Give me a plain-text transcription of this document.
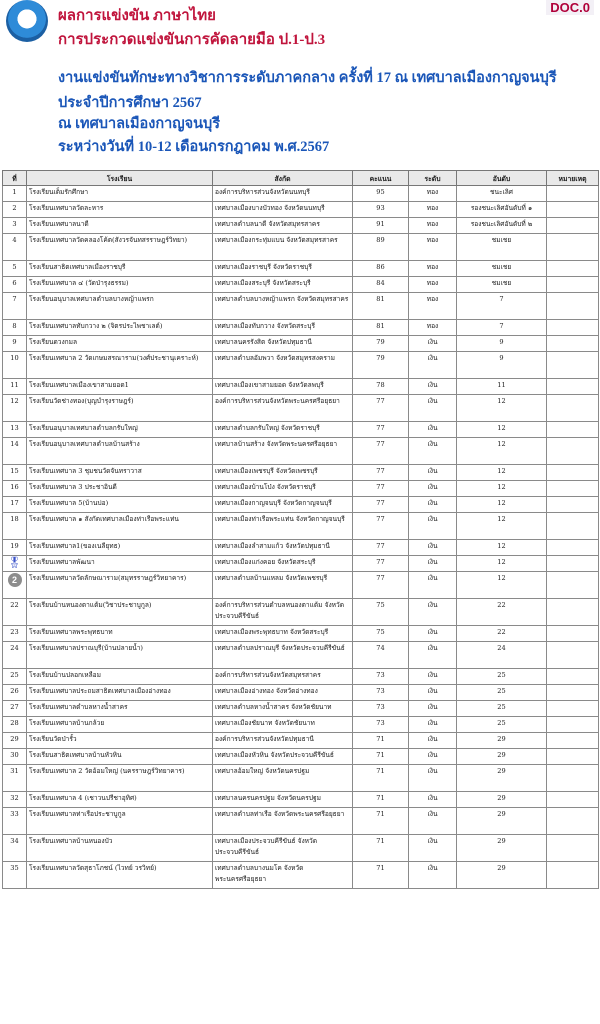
✺
DOC.0
ผลการแข่งขัน ภาษาไทย
การประกวดแข่งขันการคัดลายมือ ป.1-ป.3
งานแข่งขันทักษะทางวิชาการระดับภาคกลาง ครั้งที่ 17 ณ เทศบาลเมืองกาญจนบุรี
ประจำปีการศึกษา 2567
ณ เทศบาลเมืองกาญจนบุรี
ระหว่างวันที่ 10-12 เดือนกรกฎาคม พ.ศ.2567
ที่	โรงเรียน	สังกัด	คะแนน	ระดับ	อันดับ	หมายเหตุ
1	โรงเรียนเต็มรักศึกษา	องค์การบริหารส่วนจังหวัดนนทบุรี	95	ทอง	ชนะเลิศ	
2	โรงเรียนเทศบาลวัดละหาร	เทศบาลเมืองบางบัวทอง จังหวัดนนทบุรี	93	ทอง	รองชนะเลิศอันดับที่ ๑	
3	โรงเรียนเทศบาลนาดี	เทศบาลตำบลนาดี จังหวัดสมุทรสาคร	91	ทอง	รองชนะเลิศอันดับที่ ๒	
4	โรงเรียนเทศบาลวัดคลองโค้ต(สังวรจันทสรราษฎร์วิทยา)	เทศบาลเมืองกระทุ่มแบน จังหวัดสมุทรสาคร	89	ทอง	ชมเชย	
5	โรงเรียนสาธิตเทศบาลเมืองราชบุรี	เทศบาลเมืองราชบุรี จังหวัดราชบุรี	86	ทอง	ชมเชย	
6	โรงเรียนเทศบาล ๔ (วัดป่ารุงธรรม)	เทศบาลเมืองสระบุรี จังหวัดสระบุรี	84	ทอง	ชมเชย	
7	โรงเรียนอนุบาลเทศบาลตำบลบางหญ้าแพรก	เทศบาลตำบลบางหญ้าแพรก จังหวัดสมุทรสาคร	81	ทอง	7	
8	โรงเรียนเทศบาลทับกวาง ๒ (จิตรประไพชาเลต์)	เทศบาลเมืองทับกวาง จังหวัดสระบุรี	81	ทอง	7	
9	โรงเรียนดวงกมล	เทศบาลนครรังสิต จังหวัดปทุมธานี	79	เงิน	9	
10	โรงเรียนเทศบาล 2 วัดเกษมสรณาราม(วงศ์ประชานุเคราะห์)	เทศบาลตำบลอัมพวา จังหวัดสมุทรสงคราม	79	เงิน	9	
11	โรงเรียนเทศบาลเมืองเขาสามยอด1	เทศบาลเมืองเขาสามยอด จังหวัดลพบุรี	78	เงิน	11	
12	โรงเรียนวัดช่างทอง(บุญบำรุงราษฎร์)	องค์การบริหารส่วนจังหวัดพระนครศรีอยุธยา	77	เงิน	12	
13	โรงเรียนอนุบาลเทศบาลตำบลกรับใหญ่	เทศบาลตำบลกรับใหญ่ จังหวัดราชบุรี	77	เงิน	12	
14	โรงเรียนอนุบาลเทศบาลตำบลบ้านสร้าง	เทศบาลบ้านสร้าง จังหวัดพระนครศรีอยุธยา	77	เงิน	12	
15	โรงเรียนเทศบาล 3 ชุมชนวัดจันทราวาส	เทศบาลเมืองเพชรบุรี จังหวัดเพชรบุรี	77	เงิน	12	
16	โรงเรียนเทศบาล 3 ประชาอินดี	เทศบาลเมืองบ้านโป่ง จังหวัดราชบุรี	77	เงิน	12	
17	โรงเรียนเทศบาล 5(บ้านบ่อ)	เทศบาลเมืองกาญจนบุรี จังหวัดกาญจนบุรี	77	เงิน	12	
18	โรงเรียนเทศบาล ๑ สังกัดเทศบาลเมืองท่าเรือพระแท่น	เทศบาลเมืองท่าเรือพระแท่น จังหวัดกาญจนบุรี	77	เงิน	12	
19	โรงเรียนเทศบาล1(ของเนลียุทธ)	เทศบาลเมืองลำสามแก้ว จังหวัดปทุมธานี	77	เงิน	12	
🎖	โรงเรียนเทศบาลพัฒนา	เทศบาลเมืองแก่งคอย จังหวัดสระบุรี	77	เงิน	12	
2	โรงเรียนเทศบาลวัดลักษณาราม(สมุทรราษฎร์วิทยาคาร)	เทศบาลตำบลบ้านแหลม จังหวัดเพชรบุรี	77	เงิน	12	
22	โรงเรียนบ้านหนองตาแต้ม(วิชาประชาบูกูล)	องค์การบริหารส่วนตำบลหนองตาแต้ม จังหวัดประจวบคีรีขันธ์	75	เงิน	22	
23	โรงเรียนเทศบาลพระพุทธบาท	เทศบาลเมืองพระพุทธบาท จังหวัดสระบุรี	75	เงิน	22	
24	โรงเรียนเทศบาลปราณบุรี(บ้านปลายน้ำ)	เทศบาลตำบลปราณบุรี จังหวัดประจวบคีรีขันธ์	74	เงิน	24	
25	โรงเรียนบ้านปลอกเหลือม	องค์การบริหารส่วนจังหวัดสมุทรสาคร	73	เงิน	25	
26	โรงเรียนเทศบาลประถมสาธิตเทศบาลเมืองอ่างทอง	เทศบาลเมืองอ่างทอง จังหวัดอ่างทอง	73	เงิน	25	
27	โรงเรียนเทศบาลตำบลหางน้ำสาคร	เทศบาลตำบลหางน้ำสาคร จังหวัดชัยนาท	73	เงิน	25	
28	โรงเรียนเทศบาลบ้านกล้วย	เทศบาลเมืองชัยนาท จังหวัดชัยนาท	73	เงิน	25	
29	โรงเรียนวัดป่ารั้ว	องค์การบริหารส่วนจังหวัดปทุมธานี	71	เงิน	29	
30	โรงเรียนสาธิตเทศบาลบ้านหัวหิน	เทศบาลเมืองหัวหิน จังหวัดประจวบคีรีขันธ์	71	เงิน	29	
31	โรงเรียนเทศบาล 2 วัดอ้อมใหญ่ (นครราษฎร์วิทยาคาร)	เทศบาลอ้อมใหญ่ จังหวัดนครปฐม	71	เงิน	29	
32	โรงเรียนเทศบาล 4 (เชาวนปรีชาอุทิศ)	เทศบาลนครนครปฐม จังหวัดนครปฐม	71	เงิน	29	
33	โรงเรียนเทศบาลท่าเรือประชาบูกูล	เทศบาลตำบลท่าเรือ จังหวัดพระนครศรีอยุธยา	71	เงิน	29	
34	โรงเรียนเทศบาลบ้านหนองบัว	เทศบาลเมืองประจวบคีรีขันธ์ จังหวัดประจวบคีรีขันธ์	71	เงิน	29	
35	โรงเรียนเทศบาลวัดสุธาโภชน์ (ไวทย์ วรวิทย์)	เทศบาลตำบลบางนมโค จังหวัดพระนครศรีอยุธยา	71	เงิน	29	
